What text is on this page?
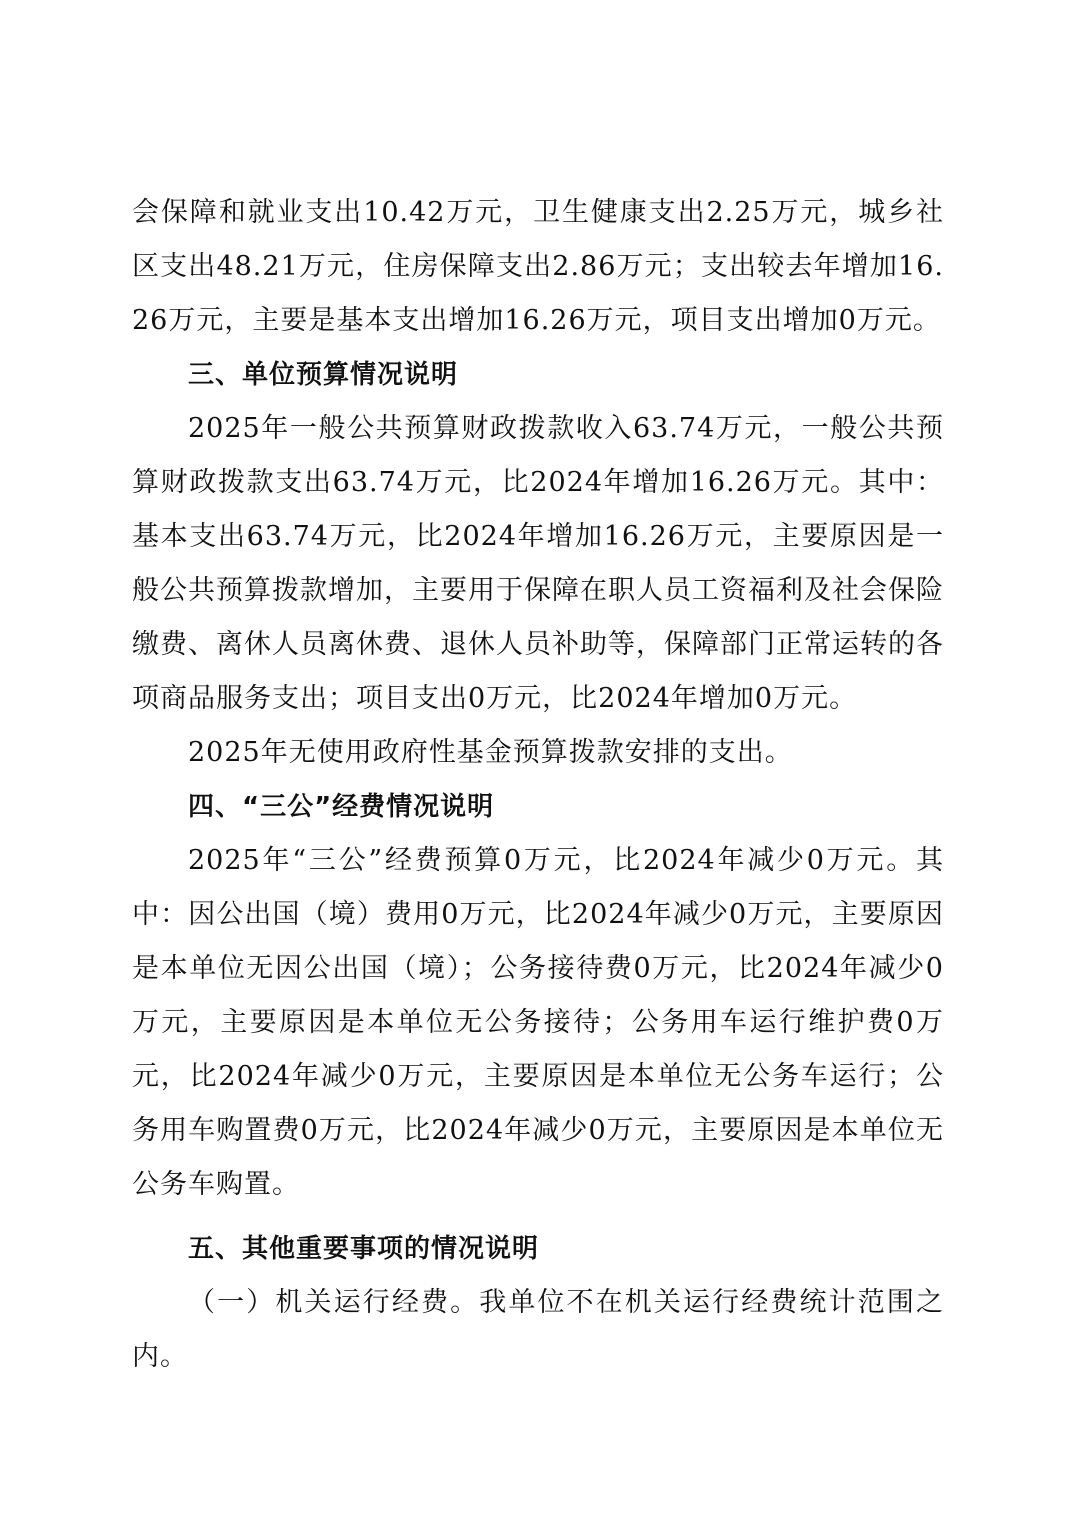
会保障和就业支出10.42万元，卫生健康支出2.25万元，城乡社区支出48.21万元，住房保障支出2.86万元；支出较去年增加16.26万元，主要是基本支出增加16.26万元，项目支出增加0万元。

三、单位预算情况说明

2025年一般公共预算财政拨款收入63.74万元，一般公共预算财政拨款支出63.74万元，比2024年增加16.26万元。其中：基本支出63.74万元，比2024年增加16.26万元，主要原因是一般公共预算拨款增加，主要用于保障在职人员工资福利及社会保险缴费、离休人员离休费、退休人员补助等，保障部门正常运转的各项商品服务支出；项目支出0万元，比2024年增加0万元。

2025年无使用政府性基金预算拨款安排的支出。

四、“三公”经费情况说明

2025年“三公”经费预算0万元，比2024年减少0万元。其中：因公出国（境）费用0万元，比2024年减少0万元，主要原因是本单位无因公出国（境）；公务接待费0万元，比2024年减少0万元，主要原因是本单位无公务接待；公务用车运行维护费0万元，比2024年减少0万元，主要原因是本单位无公务车运行；公务用车购置费0万元，比2024年减少0万元，主要原因是本单位无公务车购置。

五、其他重要事项的情况说明

（一）机关运行经费。我单位不在机关运行经费统计范围之内。
